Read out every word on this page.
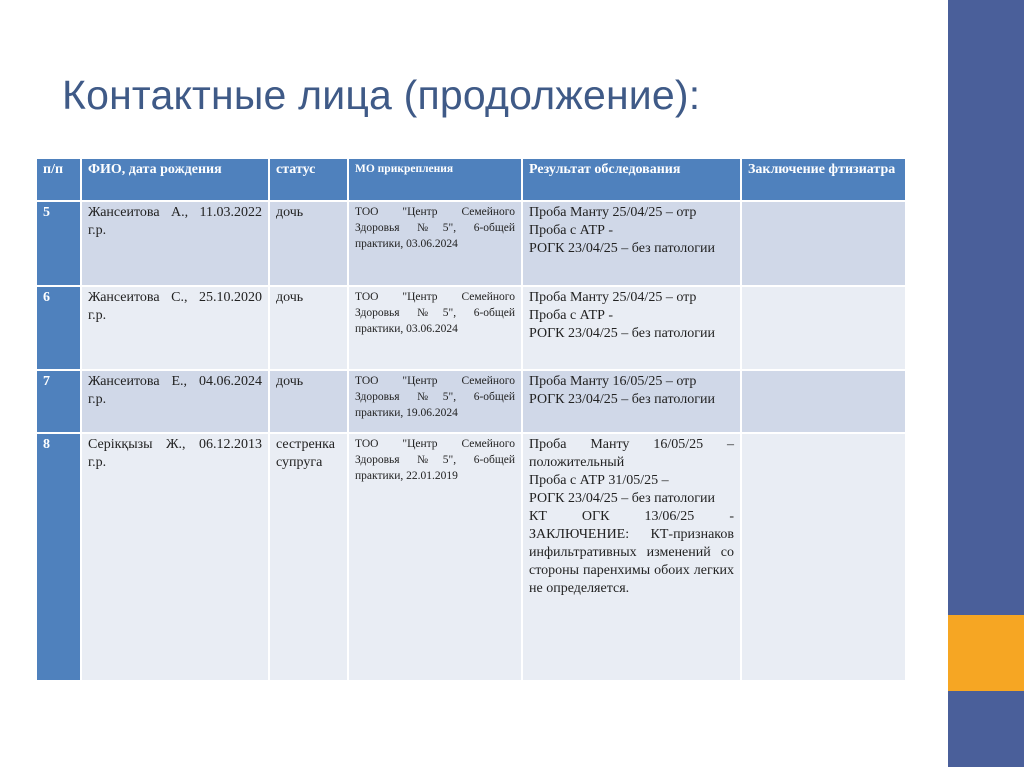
Контактные лица (продолжение):
п/п	ФИО, дата рождения	статус	МО прикрепления	Результат обследования	Заключение фтизиатра
5	Жансеитова А., 11.03.2022 г.р.	дочь	ТОО "Центр Семейного Здоровья №5", 6-общей практики, 03.06.2024	Проба Манту 25/04/25 – отр
Проба с АТР -
РОГК 23/04/25 – без патологии	

6	Жансеитова С., 25.10.2020 г.р.	дочь	ТОО "Центр Семейного Здоровья №5", 6-общей практики, 03.06.2024	Проба Манту 25/04/25 – отр
Проба с АТР -
РОГК 23/04/25 – без патологии	

7	Жансеитова Е., 04.06.2024 г.р.	дочь	ТОО "Центр Семейного Здоровья №5", 6-общей практики, 19.06.2024	Проба Манту 16/05/25 – отр
РОГК 23/04/25 – без патологии	

8	Серікқызы Ж., 06.12.2013 г.р.	сестренка супруга	ТОО "Центр Семейного Здоровья №5", 6-общей практики, 22.01.2019	Проба Манту 16/05/25 – положительный
Проба с АТР 31/05/25 –
РОГК 23/04/25 – без патологии
КТ ОГК 13/06/25 - ЗАКЛЮЧЕНИЕ: КТ-признаков инфильтративных изменений со стороны паренхимы обоих легких не определяется.	
